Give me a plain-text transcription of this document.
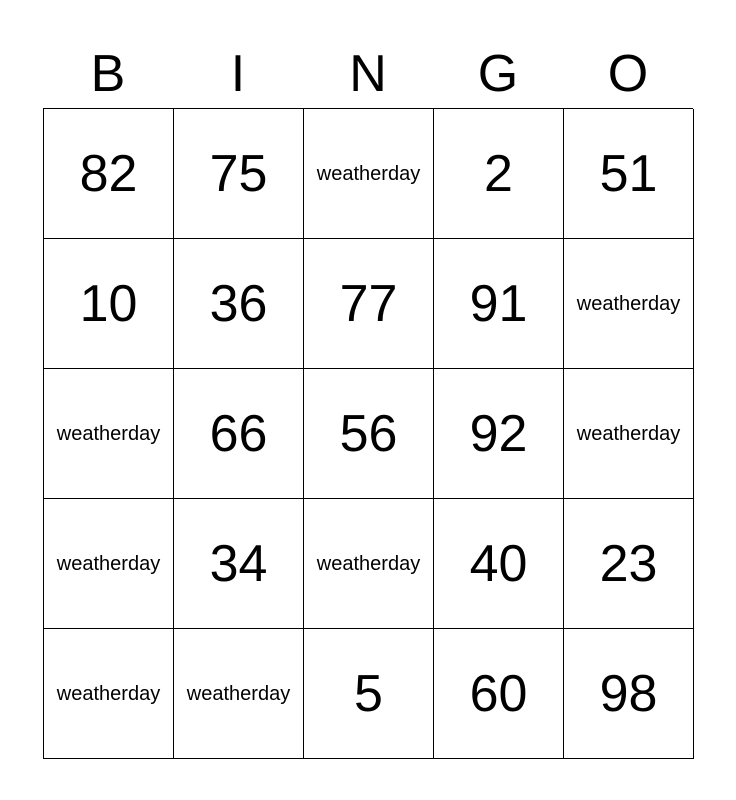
B	I	N	G	O
82	75	weatherday	2	51
10	36	77	91	weatherday
weatherday 66	56	92	weatherday
weatherday 34	weatherday 40	23
weatherday	weatherday	5	60	98
